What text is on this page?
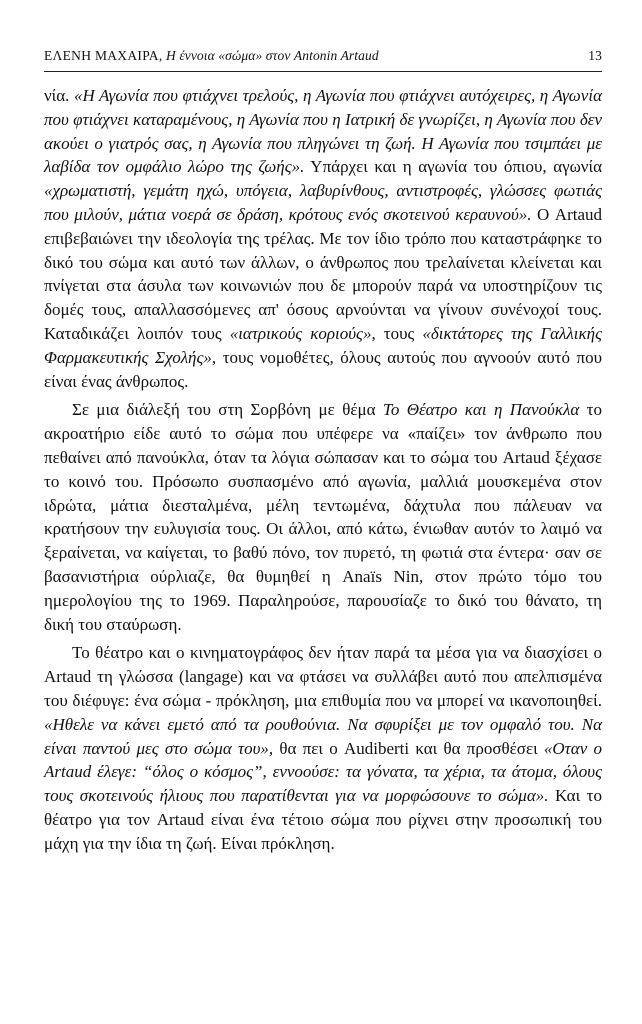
ΕΛΕΝΗ ΜΑΧΑΙΡΑ, Η έννοια «σώμα» στον Antonin Artaud	13

νία. «Η Αγωνία που φτιάχνει τρελούς, η Αγωνία που φτιάχνει αυτόχειρες, η Αγωνία που φτιάχνει καταραμένους, η Αγωνία που η Ιατρική δε γνωρίζει, η Αγωνία που δεν ακούει ο γιατρός σας, η Αγωνία που πληγώνει τη ζωή. Η Αγωνία που τσιμπάει με λαβίδα τον ομφάλιο λώρο της ζωής». Υπάρχει και η αγωνία του όπιου, αγωνία «χρωματιστή, γεμάτη ηχώ, υπόγεια, λαβυρίνθους, αντιστροφές, γλώσσες φωτιάς που μιλούν, μάτια νοερά σε δράση, κρότους ενός σκοτεινού κεραυνού». Ο Artaud επιβεβαιώνει την ιδεολογία της τρέλας. Με τον ίδιο τρόπο που καταστράφηκε το δικό του σώμα και αυτό των άλλων, ο άνθρωπος που τρελαίνεται κλείνεται και πνίγεται στα άσυλα των κοινωνιών που δε μπορούν παρά να υποστηρίζουν τις δομές τους, απαλλασσόμενες απ' όσους αρνούνται να γίνουν συνένοχοί τους. Καταδικάζει λοιπόν τους «ιατρικούς κοριούς», τους «δικτάτορες της Γαλλικής Φαρμακευτικής Σχολής», τους νομοθέτες, όλους αυτούς που αγνοούν αυτό που είναι ένας άνθρωπος.

Σε μια διάλεξή του στη Σορβόνη με θέμα Το Θέατρο και η Πανούκλα το ακροατήριο είδε αυτό το σώμα που υπέφερε να «παίζει» τον άνθρωπο που πεθαίνει από πανούκλα, όταν τα λόγια σώπασαν και το σώμα του Artaud ξέχασε το κοινό του. Πρόσωπο συσπασμένο από αγωνία, μαλλιά μουσκεμένα στον ιδρώτα, μάτια διεσταλμένα, μέλη τεντωμένα, δάχτυλα που πάλευαν να κρατήσουν την ευλυγισία τους. Οι άλλοι, από κάτω, ένιωθαν αυτόν το λαιμό να ξεραίνεται, να καίγεται, το βαθύ πόνο, τον πυρετό, τη φωτιά στα έντερα· σαν σε βασανιστήρια ούρλιαζε, θα θυμηθεί η Anaïs Nin, στον πρώτο τόμο του ημερολογίου της το 1969. Παραληρούσε, παρουσίαζε το δικό του θάνατο, τη δική του σταύρωση.

Το θέατρο και ο κινηματογράφος δεν ήταν παρά τα μέσα για να διασχίσει ο Artaud τη γλώσσα (langage) και να φτάσει να συλλάβει αυτό που απελπισμένα του διέφυγε: ένα σώμα - πρόκληση, μια επιθυμία που να μπορεί να ικανοποιηθεί. «Ηθελε να κάνει εμετό από τα ρουθούνια. Να σφυρίξει με τον ομφαλό του. Να είναι παντού μες στο σώμα του», θα πει ο Audiberti και θα προσθέσει «Οταν ο Artaud έλεγε: “όλος ο κόσμος”, εννοούσε: τα γόνατα, τα χέρια, τα άτομα, όλους τους σκοτεινούς ήλιους που παρατίθενται για να μορφώσουνε το σώμα». Και το θέατρο για τον Artaud είναι ένα τέτοιο σώμα που ρίχνει στην προσωπική του μάχη για την ίδια τη ζωή. Είναι πρόκληση.
